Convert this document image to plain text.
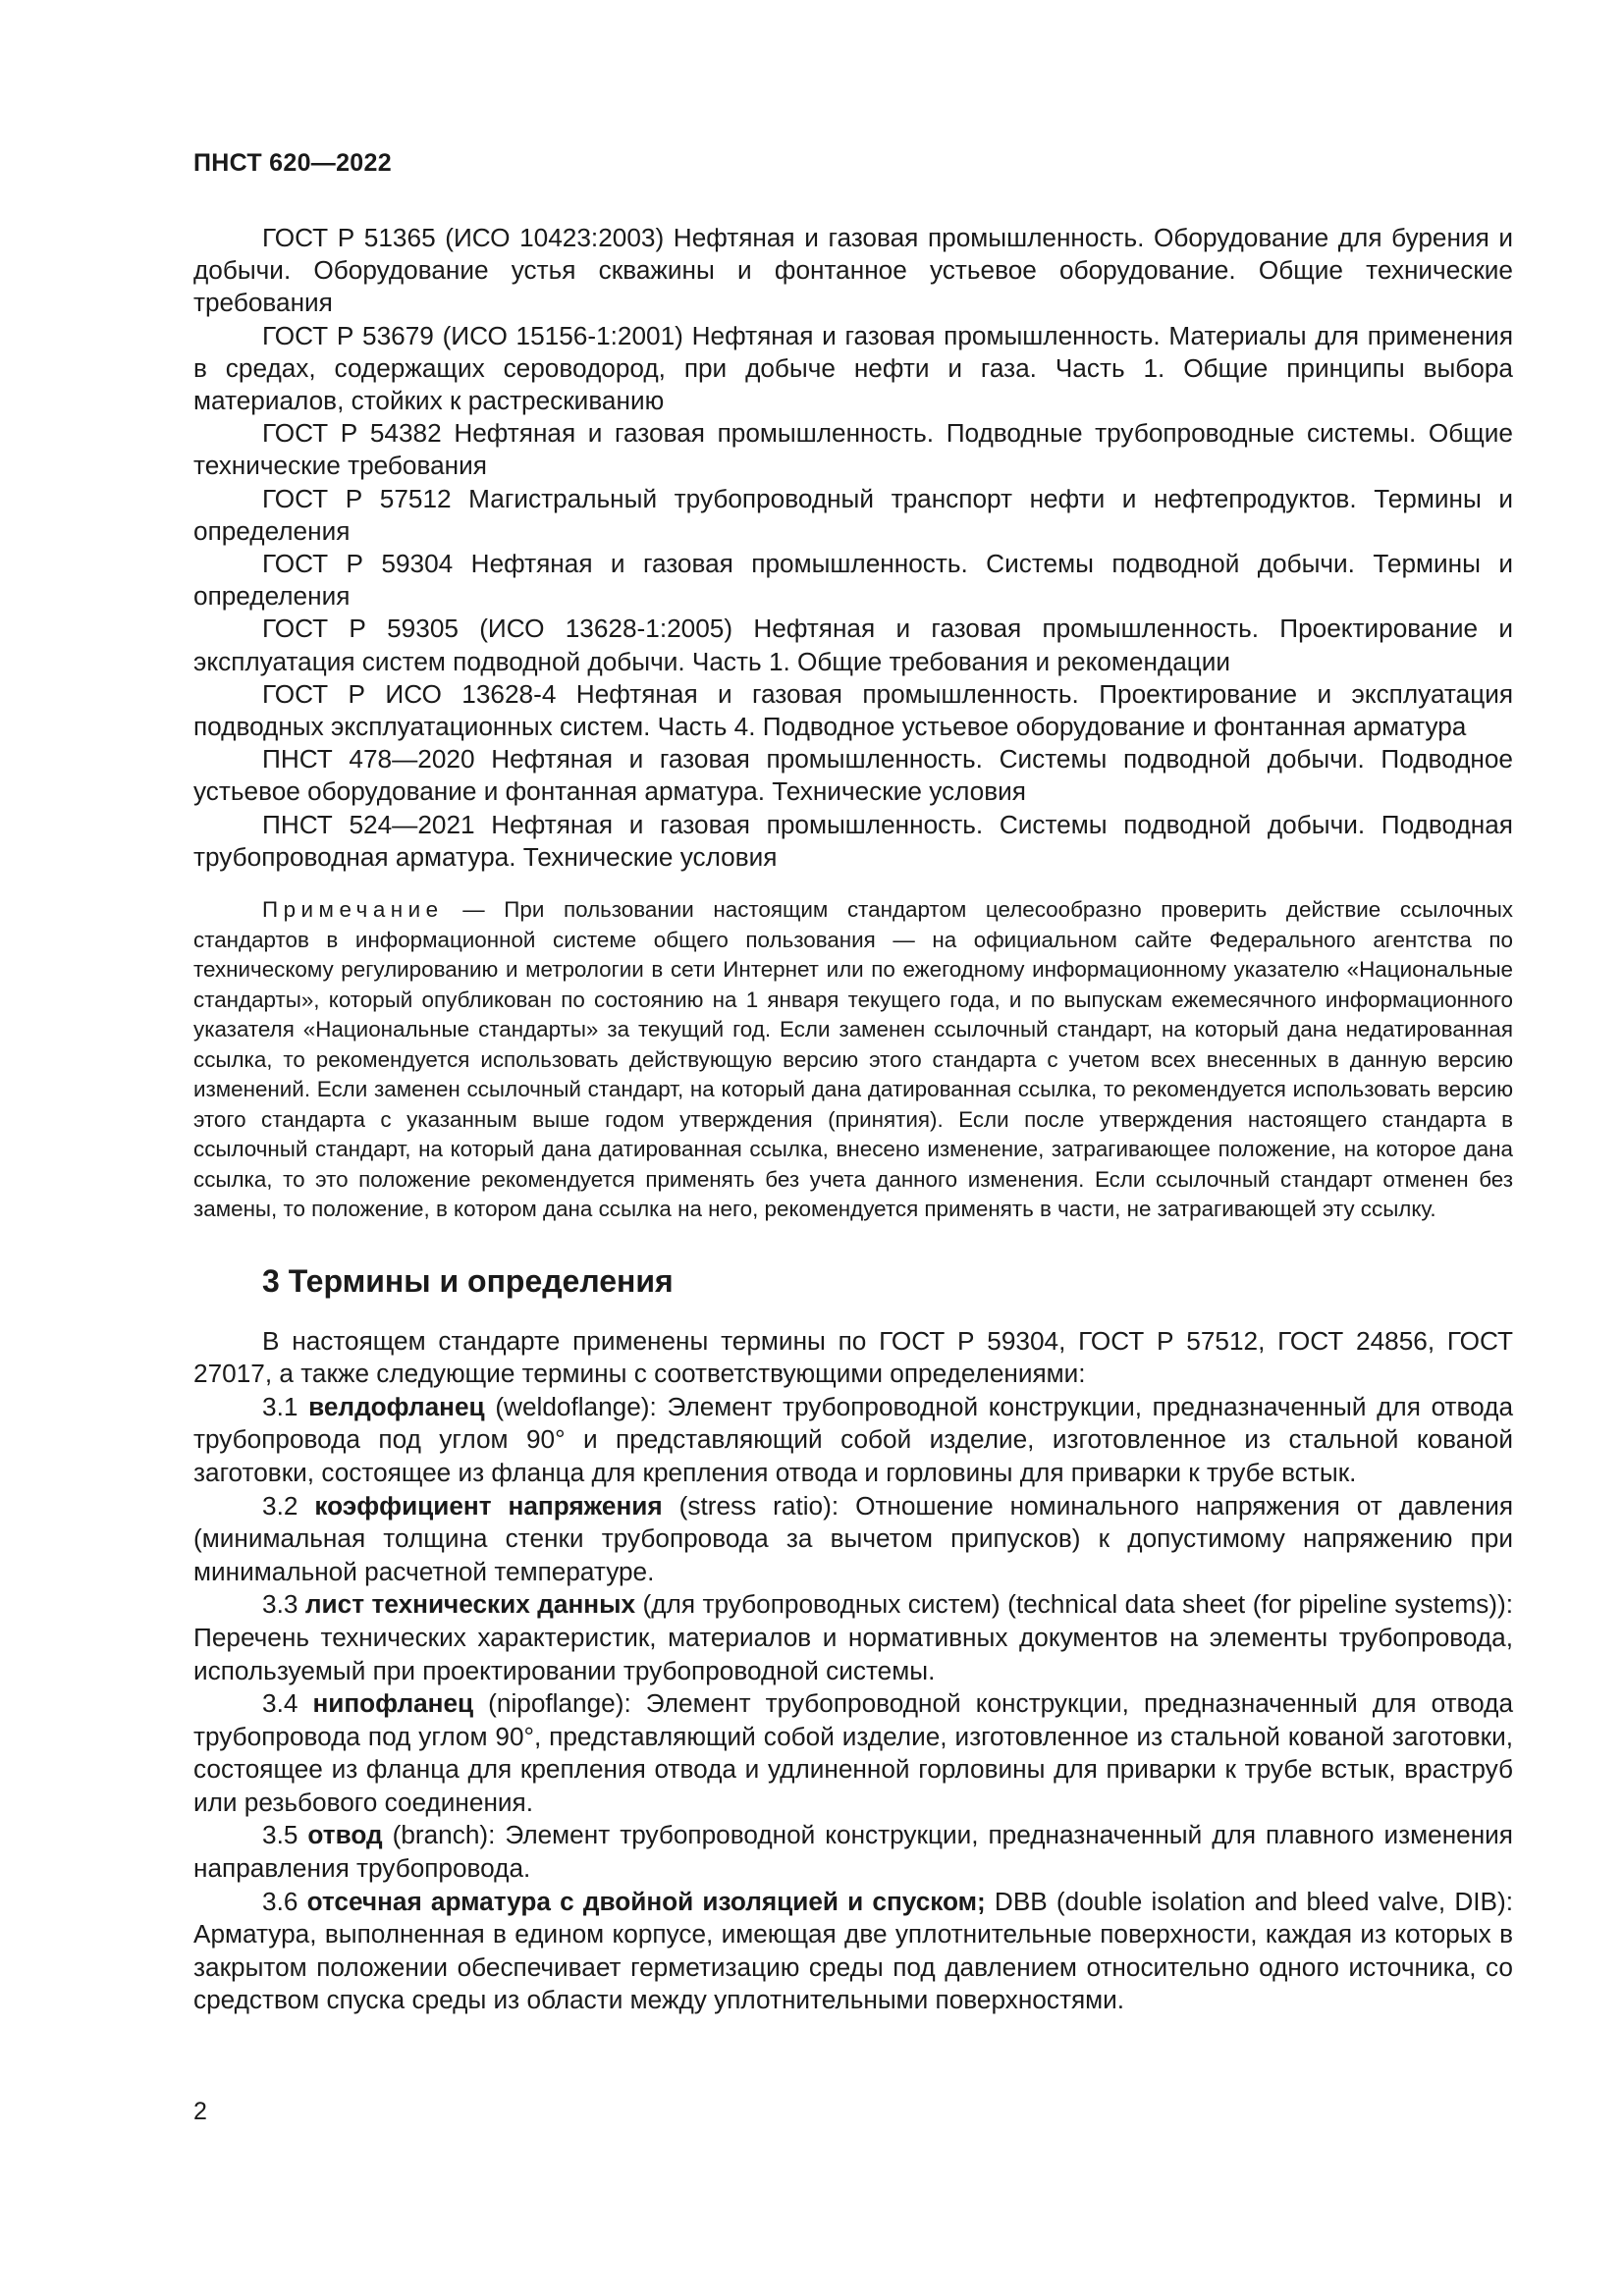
ПНСТ 620—2022

ГОСТ Р 51365 (ИСО 10423:2003) Нефтяная и газовая промышленность. Оборудование для бурения и добычи. Оборудование устья скважины и фонтанное устьевое оборудование. Общие технические требования

ГОСТ Р 53679 (ИСО 15156-1:2001) Нефтяная и газовая промышленность. Материалы для применения в средах, содержащих сероводород, при добыче нефти и газа. Часть 1. Общие принципы выбора материалов, стойких к растрескиванию

ГОСТ Р 54382 Нефтяная и газовая промышленность. Подводные трубопроводные системы. Общие технические требования

ГОСТ Р 57512 Магистральный трубопроводный транспорт нефти и нефтепродуктов. Термины и определения

ГОСТ Р 59304 Нефтяная и газовая промышленность. Системы подводной добычи. Термины и определения

ГОСТ Р 59305 (ИСО 13628-1:2005) Нефтяная и газовая промышленность. Проектирование и эксплуатация систем подводной добычи. Часть 1. Общие требования и рекомендации

ГОСТ Р ИСО 13628-4 Нефтяная и газовая промышленность. Проектирование и эксплуатация подводных эксплуатационных систем. Часть 4. Подводное устьевое оборудование и фонтанная арматура

ПНСТ 478—2020 Нефтяная и газовая промышленность. Системы подводной добычи. Подводное устьевое оборудование и фонтанная арматура. Технические условия

ПНСТ 524—2021 Нефтяная и газовая промышленность. Системы подводной добычи. Подводная трубопроводная арматура. Технические условия

Примечание — При пользовании настоящим стандартом целесообразно проверить действие ссылочных стандартов в информационной системе общего пользования — на официальном сайте Федерального агентства по техническому регулированию и метрологии в сети Интернет или по ежегодному информационному указателю «Национальные стандарты», который опубликован по состоянию на 1 января текущего года, и по выпускам ежемесячного информационного указателя «Национальные стандарты» за текущий год. Если заменен ссылочный стандарт, на который дана недатированная ссылка, то рекомендуется использовать действующую версию этого стандарта с учетом всех внесенных в данную версию изменений. Если заменен ссылочный стандарт, на который дана датированная ссылка, то рекомендуется использовать версию этого стандарта с указанным выше годом утверждения (принятия). Если после утверждения настоящего стандарта в ссылочный стандарт, на который дана датированная ссылка, внесено изменение, затрагивающее положение, на которое дана ссылка, то это положение рекомендуется применять без учета данного изменения. Если ссылочный стандарт отменен без замены, то положение, в котором дана ссылка на него, рекомендуется применять в части, не затрагивающей эту ссылку.
3 Термины и определения

В настоящем стандарте применены термины по ГОСТ Р 59304, ГОСТ Р 57512, ГОСТ 24856, ГОСТ 27017, а также следующие термины с соответствующими определениями:

3.1 велдофланец (weldoflange): Элемент трубопроводной конструкции, предназначенный для отвода трубопровода под углом 90° и представляющий собой изделие, изготовленное из стальной кованой заготовки, состоящее из фланца для крепления отвода и горловины для приварки к трубе встык.

3.2 коэффициент напряжения (stress ratio): Отношение номинального напряжения от давления (минимальная толщина стенки трубопровода за вычетом припусков) к допустимому напряжению при минимальной расчетной температуре.

3.3 лист технических данных (для трубопроводных систем) (technical data sheet (for pipeline systems)): Перечень технических характеристик, материалов и нормативных документов на элементы трубопровода, используемый при проектировании трубопроводной системы.

3.4 нипофланец (nipoflange): Элемент трубопроводной конструкции, предназначенный для отвода трубопровода под углом 90°, представляющий собой изделие, изготовленное из стальной кованой заготовки, состоящее из фланца для крепления отвода и удлиненной горловины для приварки к трубе встык, враструб или резьбового соединения.

3.5 отвод (branch): Элемент трубопроводной конструкции, предназначенный для плавного изменения направления трубопровода.

3.6 отсечная арматура с двойной изоляцией и спуском; DBB (double isolation and bleed valve, DIB): Арматура, выполненная в едином корпусе, имеющая две уплотнительные поверхности, каждая из которых в закрытом положении обеспечивает герметизацию среды под давлением относительно одного источника, со средством спуска среды из области между уплотнительными поверхностями.

2
